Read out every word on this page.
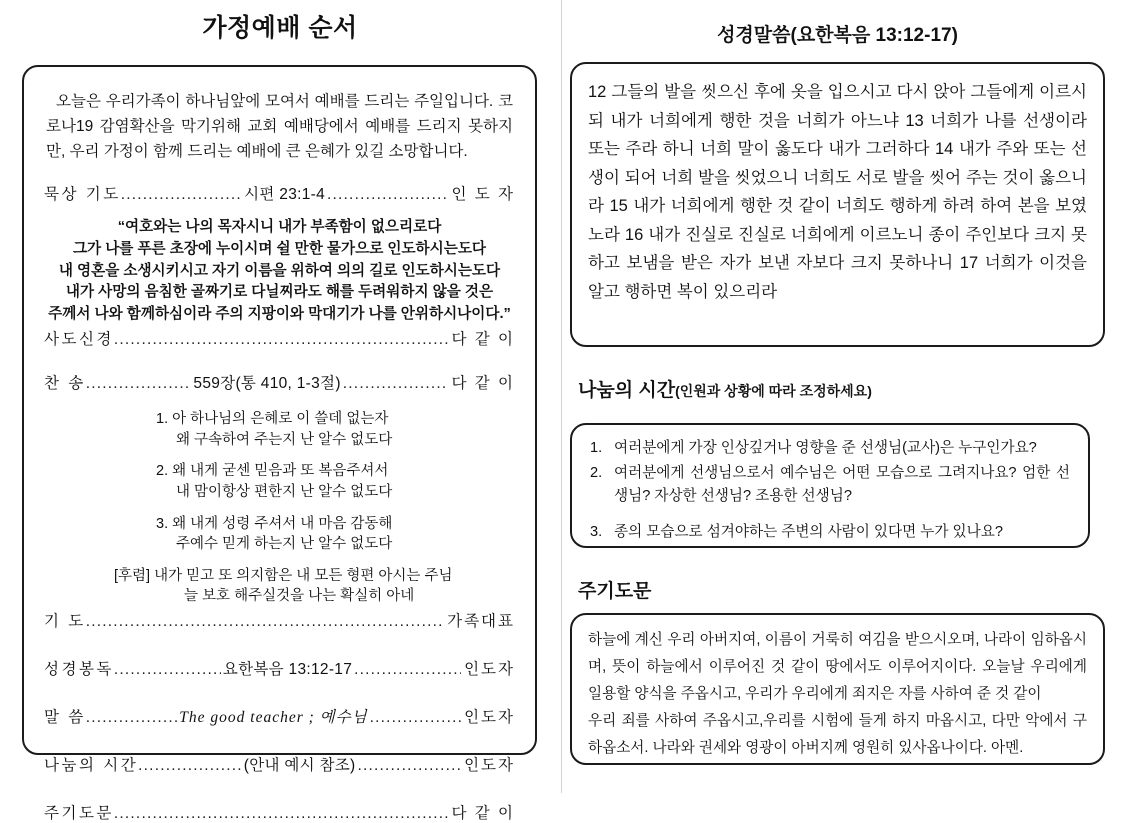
가정예배 순서

오늘은 우리가족이 하나님앞에 모여서 예배를 드리는 주일입니다. 코로나19 감염확산을 막기위해 교회 예배당에서 예배를 드리지 못하지만, 우리 가정이 함께 드리는 예배에 큰 은혜가 있길 소망합니다.

묵상 기도 .....	시편 23:1-4 .....	인 도 자
“여호와는 나의 목자시니 내가 부족함이 없으리로다
그가 나를 푸른 초장에 누이시며 쉴 만한 물가으로 인도하시는도다
내 영혼을 소생시키시고 자기 이름을 위하여 의의 길로 인도하시는도다
내가 사망의 음침한 골짜기로 다닐찌라도 해를 두려워하지 않을 것은
주께서 나와 함께하심이라 주의 지팡이와 막대기가 나를 안위하시나이다.”
사도신경 .....	다 같 이
찬 송 .....	559장(통 410, 1-3절) .....	다 같 이
1. 아 하나님의 은혜로 이 쓸데 없는자
왜 구속하여 주는지 난 알수 없도다
2. 왜 내게 굳센 믿음과 또 복음주셔서
내 맘이항상 편한지 난 알수 없도다
3. 왜 내게 성령 주셔서 내 마음 감동해
주예수 믿게 하는지 난 알수 없도다
[후렴] 내가 믿고 또 의지함은 내 모든 형편 아시는 주님
늘 보호 해주실것을 나는 확실히 아네
기 도 .....	가족대표
성경봉독 .....	요한복음 13:12-17 .....	인도자
말 씀 .....	The good teacher ; 예수님 .....	인도자
나눔의 시간 .....	(안내 예시 참조) .....	인도자
주기도문 .....	다 같 이
성경말씀(요한복음 13:12-17)
12 그들의 발을 씻으신 후에 옷을 입으시고 다시 앉아 그들에게 이르시되 내가 너희에게 행한 것을 너희가 아느냐 13 너희가 나를 선생이라 또는 주라 하니 너희 말이 옳도다 내가 그러하다 14 내가 주와 또는 선생이 되어 너희 발을 씻었으니 너희도 서로 발을 씻어 주는 것이 옳으니라 15 내가 너희에게 행한 것 같이 너희도 행하게 하려 하여 본을 보였노라 16 내가 진실로 진실로 너희에게 이르노니 종이 주인보다 크지 못하고 보냄을 받은 자가 보낸 자보다 크지 못하나니 17 너희가 이것을 알고 행하면 복이 있으리라
나눔의 시간(인원과 상황에 따라 조정하세요)
1. 여러분에게 가장 인상깊거나 영향을 준 선생님(교사)은 누구인가요?
2. 여러분에게 선생님으로서 예수님은 어떤 모습으로 그려지나요? 엄한 선생님? 자상한 선생님? 조용한 선생님?
3. 종의 모습으로 섬겨야하는 주변의 사람이 있다면 누가 있나요?
주기도문

하늘에 계신 우리 아버지여, 이름이 거룩히 여김을 받으시오며, 나라이 임하옵시며, 뜻이 하늘에서 이루어진 것 같이 땅에서도 이루어지이다. 오늘날 우리에게 일용할 양식을 주옵시고, 우리가 우리에게 죄지은 자를 사하여 준 것 같이

우리 죄를 사하여 주옵시고,우리를 시험에 들게 하지 마옵시고, 다만 악에서 구하옵소서. 나라와 권세와 영광이 아버지께 영원히 있사옵나이다. 아멘.
